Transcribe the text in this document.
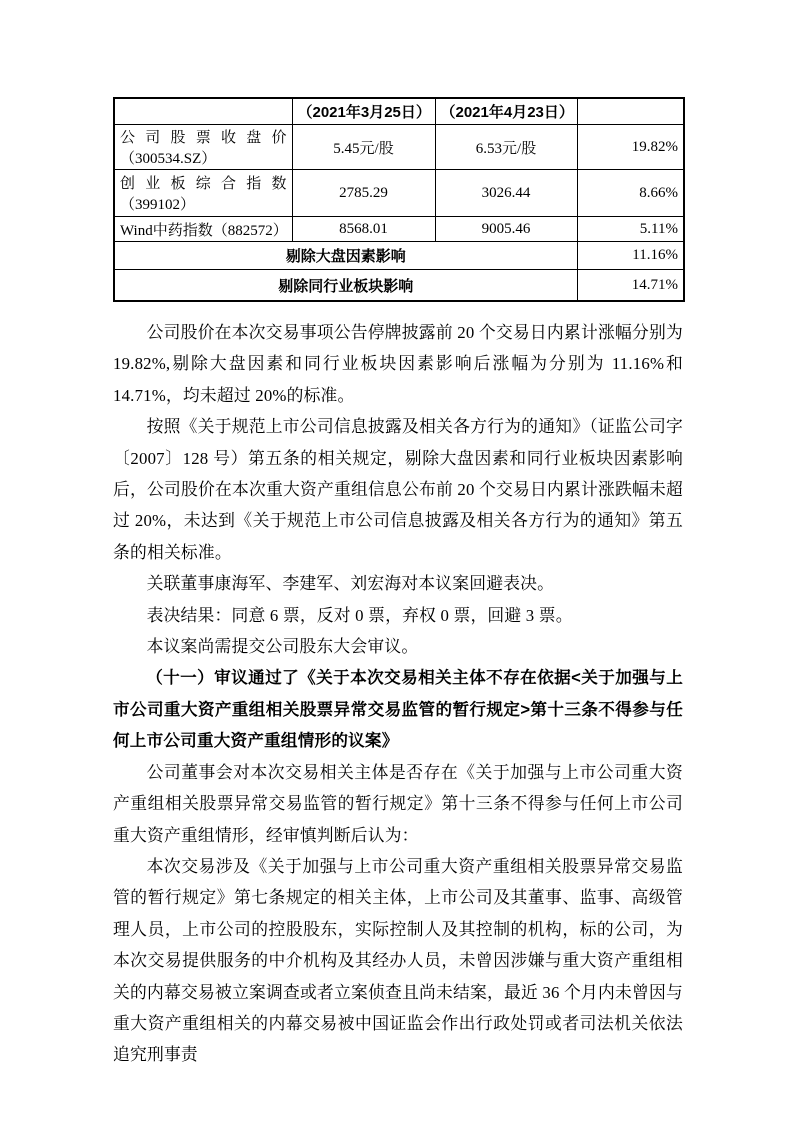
	（2021年3月25日）	（2021年4月23日）	

公司股票收盘价
（300534.SZ）	5.45元/股	6.53元/股	19.82%

创业板综合指数
（399102）	2785.29	3026.44	8.66%
Wind中药指数（882572）	8568.01	9005.46	5.11%
剔除大盘因素影响			11.16%
剔除同行业板块影响			14.71%

公司股价在本次交易事项公告停牌披露前 20 个交易日内累计涨幅分别为 19.82%,剔除大盘因素和同行业板块因素影响后涨幅为分别为 11.16%和 14.71%，均未超过 20%的标准。

按照《关于规范上市公司信息披露及相关各方行为的通知》（证监公司字〔2007〕128 号）第五条的相关规定，剔除大盘因素和同行业板块因素影响后，公司股价在本次重大资产重组信息公布前 20 个交易日内累计涨跌幅未超过 20%，未达到《关于规范上市公司信息披露及相关各方行为的通知》第五条的相关标准。

关联董事康海军、李建军、刘宏海对本议案回避表决。

表决结果：同意 6 票，反对 0 票，弃权 0 票，回避 3 票。

本议案尚需提交公司股东大会审议。

（十一）审议通过了《关于本次交易相关主体不存在依据<关于加强与上市公司重大资产重组相关股票异常交易监管的暂行规定>第十三条不得参与任何上市公司重大资产重组情形的议案》

公司董事会对本次交易相关主体是否存在《关于加强与上市公司重大资产重组相关股票异常交易监管的暂行规定》第十三条不得参与任何上市公司重大资产重组情形，经审慎判断后认为：

本次交易涉及《关于加强与上市公司重大资产重组相关股票异常交易监管的暂行规定》第七条规定的相关主体，上市公司及其董事、监事、高级管理人员，上市公司的控股股东，实际控制人及其控制的机构，标的公司，为本次交易提供服务的中介机构及其经办人员，未曾因涉嫌与重大资产重组相关的内幕交易被立案调查或者立案侦查且尚未结案，最近 36 个月内未曾因与重大资产重组相关的内幕交易被中国证监会作出行政处罚或者司法机关依法追究刑事责
